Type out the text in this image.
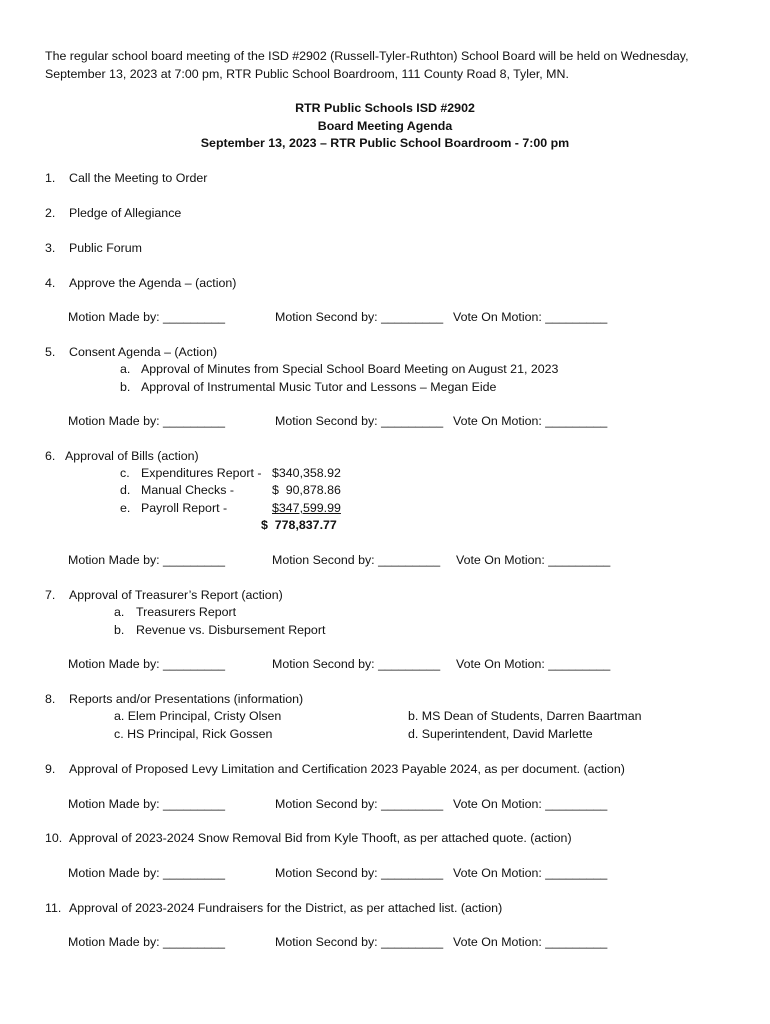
The regular school board meeting of the ISD #2902 (Russell-Tyler-Ruthton) School Board will be held on Wednesday,
September 13, 2023 at 7:00 pm, RTR Public School Boardroom, 111 County Road 8, Tyler, MN.
RTR Public Schools ISD #2902
Board Meeting Agenda
September 13, 2023 – RTR Public School Boardroom - 7:00 pm
1. Call the Meeting to Order
2. Pledge of Allegiance
3. Public Forum
4. Approve the Agenda – (action)
Motion Made by: _________	Motion Second by: _________ Vote On Motion: _________
5. Consent Agenda – (Action)
a. Approval of Minutes from Special School Board Meeting on August 21, 2023
b. Approval of Instrumental Music Tutor and Lessons – Megan Eide
Motion Made by: _________	Motion Second by: _________ Vote On Motion: _________
6. Approval of Bills (action)
c. Expenditures Report - $340,358.92
d. Manual Checks -	$  90,878.86
e. Payroll Report -	$347,599.99
$  778,837.77
Motion Made by: _________	Motion Second by: _________ Vote On Motion: _________
7. Approval of Treasurer’s Report (action)
a. Treasurers Report
b. Revenue vs. Disbursement Report
Motion Made by: _________	Motion Second by: _________ Vote On Motion: _________
8. Reports and/or Presentations (information)
a. Elem Principal, Cristy Olsen	b. MS Dean of Students, Darren Baartman
c. HS Principal, Rick Gossen	d. Superintendent, David Marlette
9. Approval of Proposed Levy Limitation and Certification 2023 Payable 2024, as per document. (action)
Motion Made by: _________	Motion Second by: _________ Vote On Motion: _________
10. Approval of 2023-2024 Snow Removal Bid from Kyle Thooft, as per attached quote. (action)
Motion Made by: _________	Motion Second by: _________ Vote On Motion: _________
11. Approval of 2023-2024 Fundraisers for the District, as per attached list. (action)
Motion Made by: _________	Motion Second by: _________ Vote On Motion: _________
